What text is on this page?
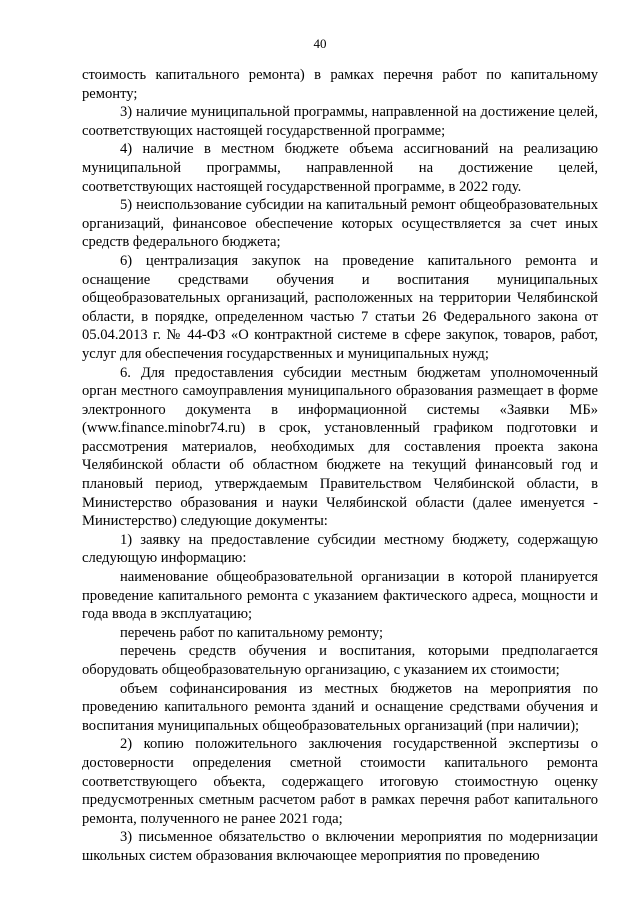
40

стоимость капитального ремонта) в рамках перечня работ по капитальному ремонту;

3) наличие муниципальной программы, направленной на достижение целей, соответствующих настоящей государственной программе;

4) наличие в местном бюджете объема ассигнований на реализацию муниципальной программы, направленной на достижение целей, соответствующих настоящей государственной программе, в 2022 году.

5) неиспользование субсидии на капитальный ремонт общеобразовательных организаций, финансовое обеспечение которых осуществляется за счет иных средств федерального бюджета;

6) централизация закупок на проведение капитального ремонта и оснащение средствами обучения и воспитания муниципальных общеобразовательных организаций, расположенных на территории Челябинской области, в порядке, определенном частью 7 статьи 26 Федерального закона от 05.04.2013 г. № 44-ФЗ «О контрактной системе в сфере закупок, товаров, работ, услуг для обеспечения государственных и муниципальных нужд;

6. Для предоставления субсидии местным бюджетам уполномоченный орган местного самоуправления муниципального образования размещает в форме электронного документа в информационной системы «Заявки МБ» (www.finance.minobr74.ru) в срок, установленный графиком подготовки и рассмотрения материалов, необходимых для составления проекта закона Челябинской области об областном бюджете на текущий финансовый год и плановый период, утверждаемым Правительством Челябинской области, в Министерство образования и науки Челябинской области (далее именуется - Министерство) следующие документы:

1) заявку на предоставление субсидии местному бюджету, содержащую следующую информацию:

наименование общеобразовательной организации в которой планируется проведение капитального ремонта с указанием фактического адреса, мощности и года ввода в эксплуатацию;

перечень работ по капитальному ремонту;

перечень средств обучения и воспитания, которыми предполагается оборудовать общеобразовательную организацию, с указанием их стоимости;

объем софинансирования из местных бюджетов на мероприятия по проведению капитального ремонта зданий и оснащение средствами обучения и воспитания муниципальных общеобразовательных организаций (при наличии);

2) копию положительного заключения государственной экспертизы о достоверности определения сметной стоимости капитального ремонта соответствующего объекта, содержащего итоговую стоимостную оценку предусмотренных сметным расчетом работ в рамках перечня работ капитального ремонта, полученного не ранее 2021 года;

3) письменное обязательство о включении мероприятия по модернизации школьных систем образования включающее мероприятия по проведению
